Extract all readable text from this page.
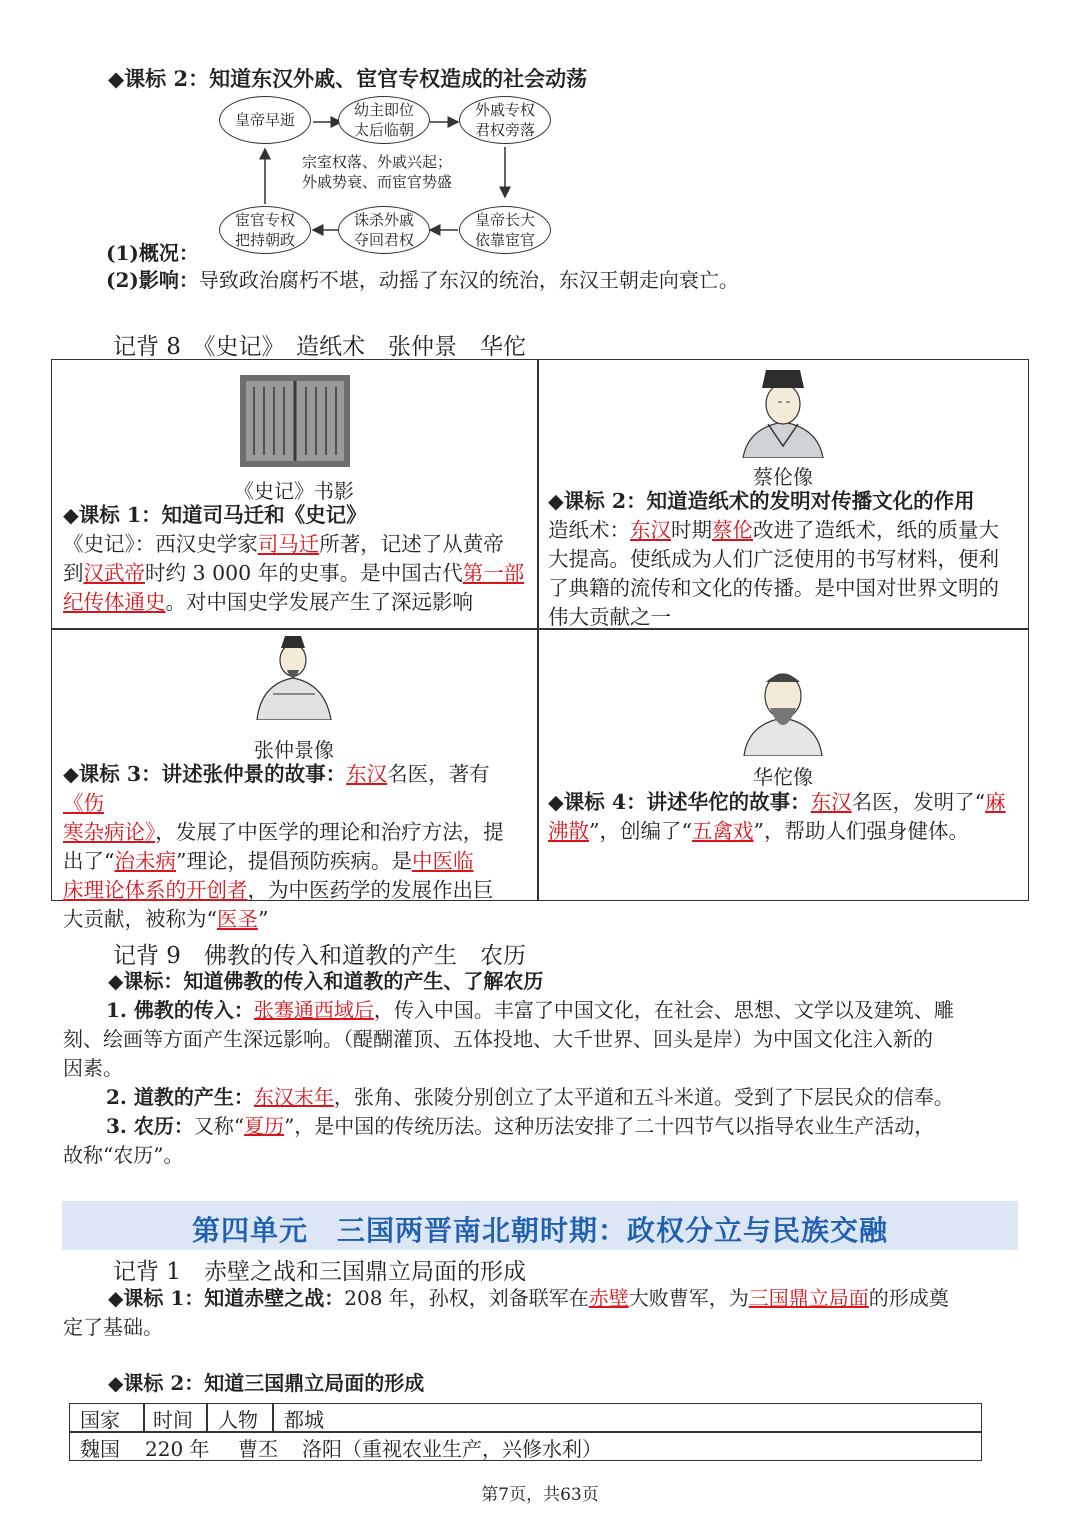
◆课标 2：知道东汉外戚、宦官专权造成的社会动荡
皇帝早逝
幼主即位
太后临朝
外戚专权
君权旁落
宦官专权
把持朝政
诛杀外戚
夺回君权
皇帝长大
依靠宦官
宗室权落、外戚兴起；
外戚势衰、而宦官势盛
(1)概况：
(2)影响：导致政治腐朽不堪，动摇了东汉的统治，东汉王朝走向衰亡。
记背 8　《史记》　造纸术　张仲景　华佗
《史记》书影
◆课标 1：知道司马迁和《史记》
《史记》：西汉史学家司马迁所著，记述了从黄帝
到汉武帝时约 3 000 年的史事。是中国古代第一部
纪传体通史。对中国史学发展产生了深远影响
蔡伦像
◆课标 2：知道造纸术的发明对传播文化的作用
造纸术：东汉时期蔡伦改进了造纸术，纸的质量大
大提高。使纸成为人们广泛使用的书写材料，便利
了典籍的流传和文化的传播。是中国对世界文明的
伟大贡献之一
张仲景像
◆课标 3：讲述张仲景的故事：东汉名医，著有《伤
寒杂病论》，发展了中医学的理论和治疗方法，提
出了“治未病”理论，提倡预防疾病。是中医临
床理论体系的开创者，为中医药学的发展作出巨
大贡献，被称为“医圣”
华佗像
◆课标 4：讲述华佗的故事：东汉名医，发明了“麻
沸散”，创编了“五禽戏”，帮助人们强身健体。
记背 9　佛教的传入和道教的产生　农历
◆课标：知道佛教的传入和道教的产生、了解农历
1. 佛教的传入：张骞通西域后，传入中国。丰富了中国文化，在社会、思想、文学以及建筑、雕
刻、绘画等方面产生深远影响。（醍醐灌顶、五体投地、大千世界、回头是岸）为中国文化注入新的
因素。
2. 道教的产生：东汉末年，张角、张陵分别创立了太平道和五斗米道。受到了下层民众的信奉。
3. 农历：又称“夏历”，是中国的传统历法。这种历法安排了二十四节气以指导农业生产活动，
故称“农历”。
第四单元　三国两晋南北朝时期：政权分立与民族交融
记背 1　赤壁之战和三国鼎立局面的形成
◆课标 1：知道赤壁之战：208 年，孙权，刘备联军在赤壁大败曹军，为三国鼎立局面的形成奠
定了基础。
◆课标 2：知道三国鼎立局面的形成
国家 时间 人物 都城
魏国 220 年 曹丕 洛阳（重视农业生产，兴修水利）
第7页，共63页
